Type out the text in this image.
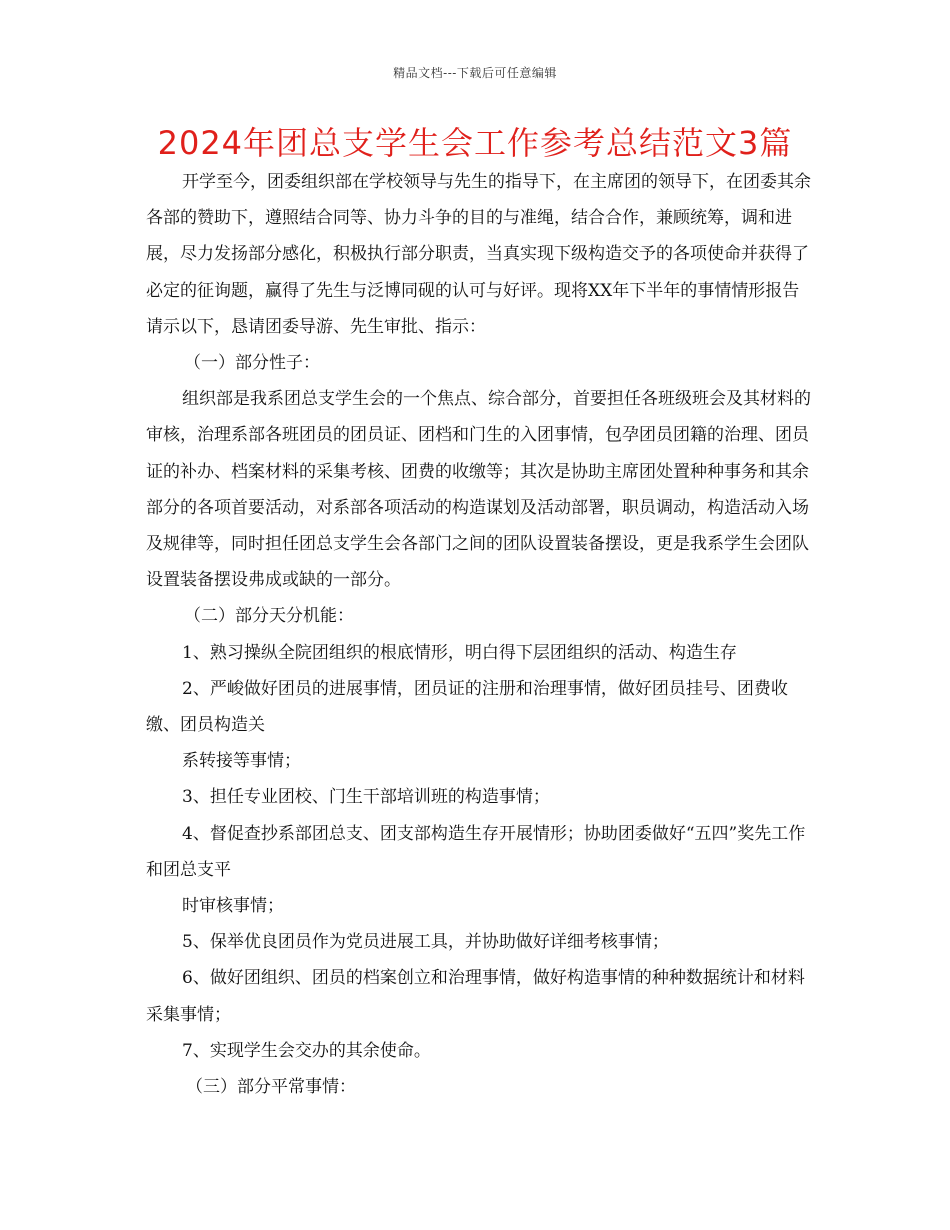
精品文档---下载后可任意编辑
2024年团总支学生会工作参考总结范文3篇

开学至今，团委组织部在学校领导与先生的指导下，在主席团的领导下，在团委其余各部的赞助下，遵照结合同等、协力斗争的目的与准绳，结合合作，兼顾统筹，调和进展，尽力发扬部分感化，积极执行部分职责，当真实现下级构造交予的各项使命并获得了必定的征询题，赢得了先生与泛博同砚的认可与好评。现将XX年下半年的事情情形报告请示以下，恳请团委导游、先生审批、指示：

（一）部分性子：

组织部是我系团总支学生会的一个焦点、综合部分，首要担任各班级班会及其材料的审核，治理系部各班团员的团员证、团档和门生的入团事情，包孕团员团籍的治理、团员证的补办、档案材料的采集考核、团费的收缴等；其次是协助主席团处置种种事务和其余部分的各项首要活动，对系部各项活动的构造谋划及活动部署，职员调动，构造活动入场及规律等，同时担任团总支学生会各部门之间的团队设置装备摆设，更是我系学生会团队设置装备摆设弗成或缺的一部分。

（二）部分天分机能：

1、熟习操纵全院团组织的根底情形，明白得下层团组织的活动、构造生存

2、严峻做好团员的进展事情，团员证的注册和治理事情，做好团员挂号、团费收缴、团员构造关

系转接等事情；

3、担任专业团校、门生干部培训班的构造事情；

4、督促查抄系部团总支、团支部构造生存开展情形；协助团委做好“五四”奖先工作和团总支平

时审核事情；

5、保举优良团员作为党员进展工具，并协助做好详细考核事情；

6、做好团组织、团员的档案创立和治理事情，做好构造事情的种种数据统计和材料采集事情；

7、实现学生会交办的其余使命。

（三）部分平常事情：
